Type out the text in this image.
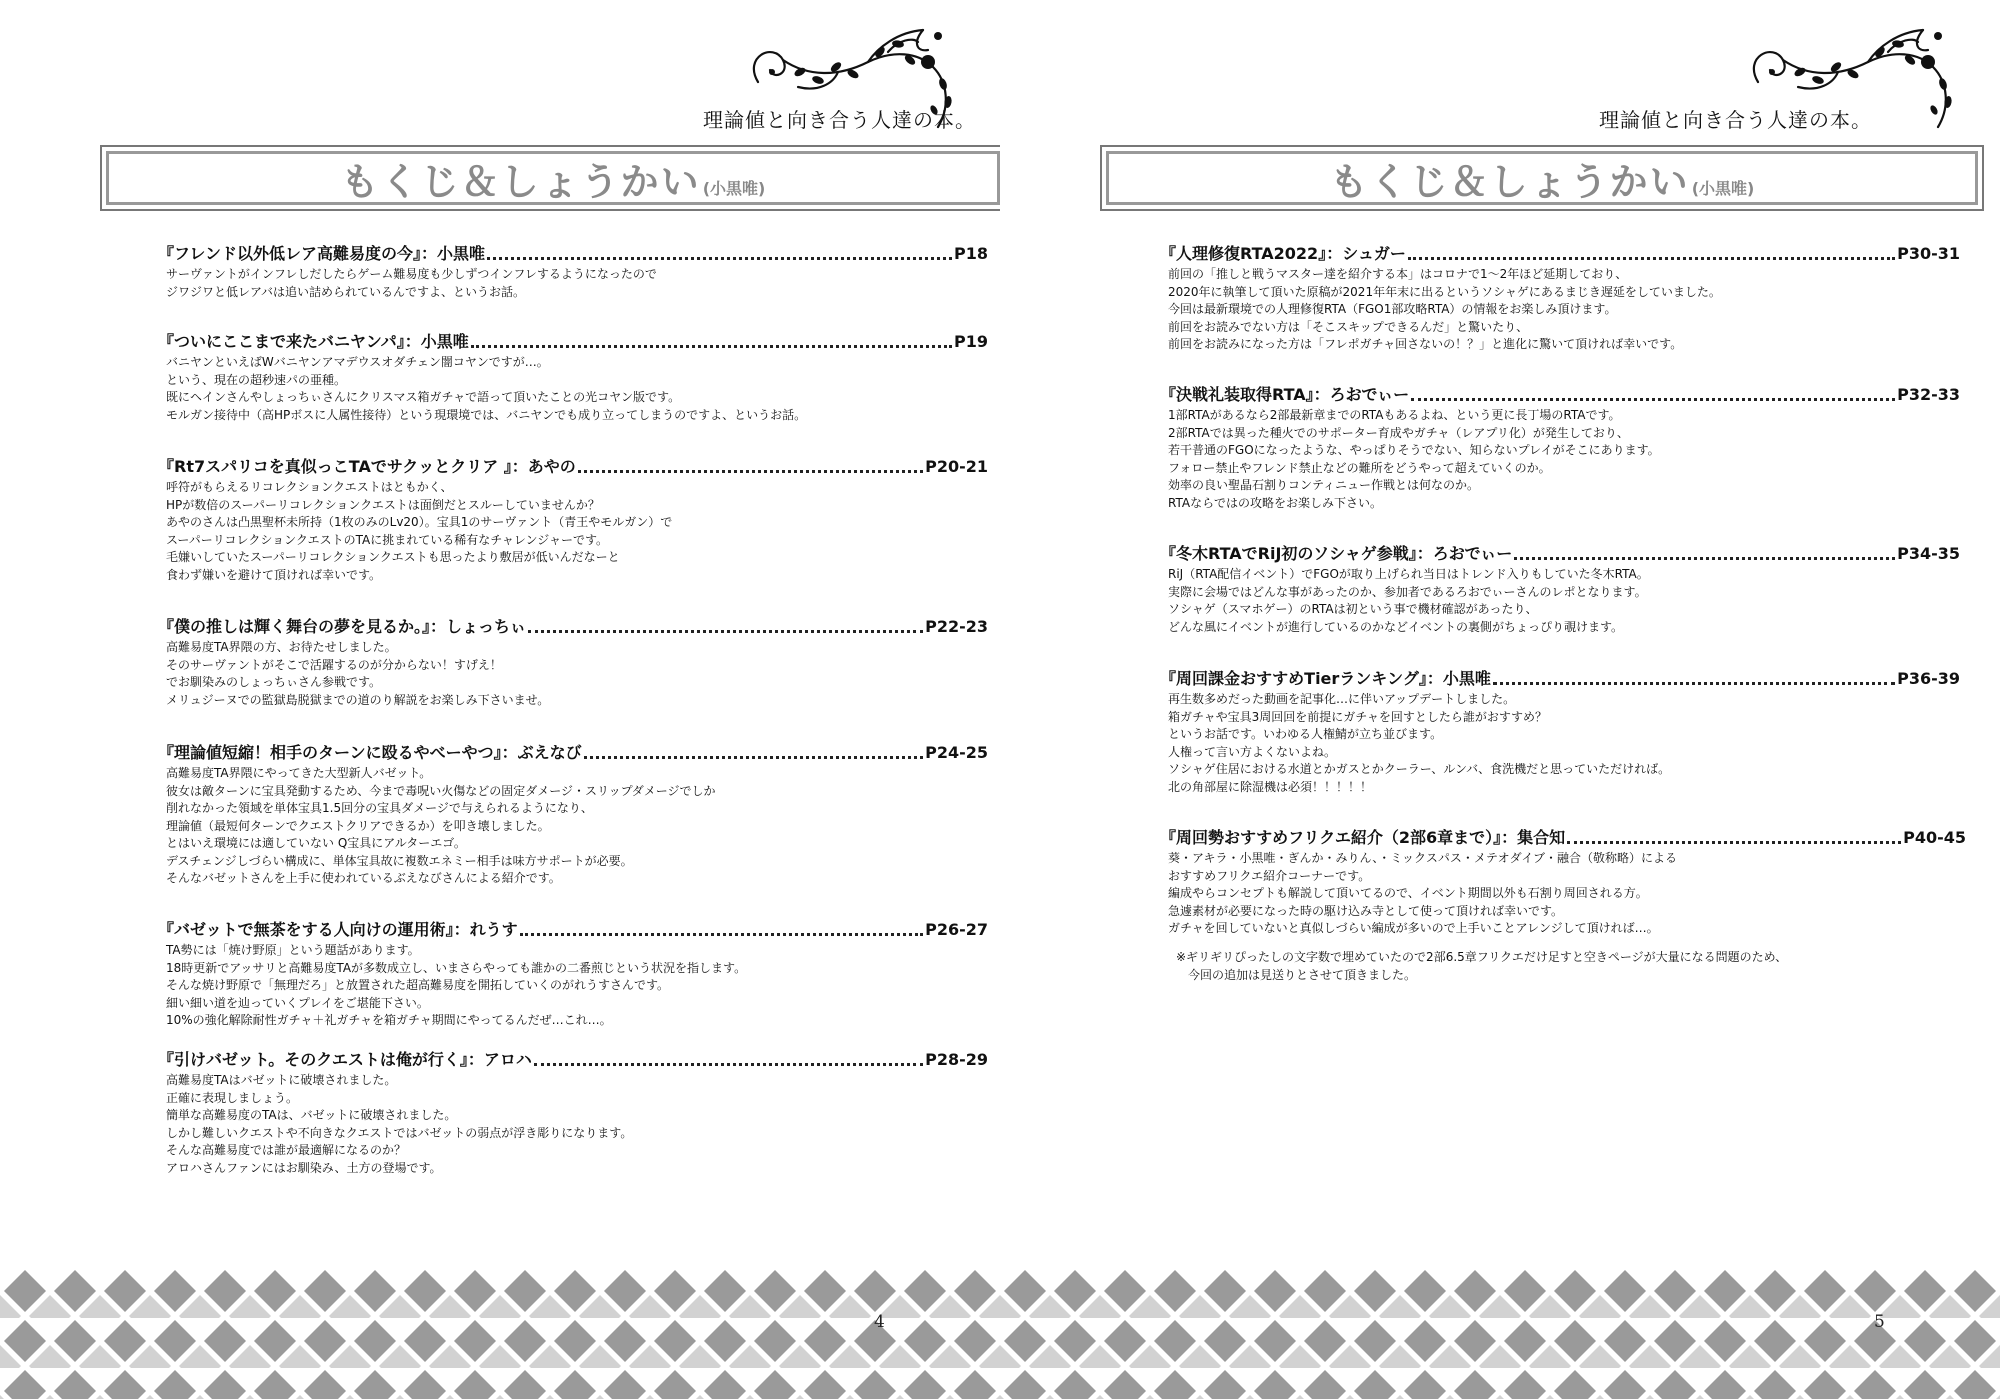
理論値と向き合う人達の本。
もくじ＆しょうかい (小黒唯)
『フレンド以外低レア高難易度の今』：小黒唯	P18
サーヴァントがインフレしだしたらゲーム難易度も少しずつインフレするようになったので
ジワジワと低レアバは追い詰められているんですよ、というお話。
『ついにここまで来たバニヤンパ』：小黒唯	P19
バニヤンといえばWバニヤンアマデウスオダチェン闇コヤンですが…。
という、現在の超秒速パの亜種。
既にヘインさんやしょっちぃさんにクリスマス箱ガチャで語って頂いたことの光コヤン版です。
モルガン接待中（高HPボスに人属性接待）という現環境では、バニヤンでも成り立ってしまうのですよ、というお話。
『Rt7スパリコを真似っこTAでサクッとクリア 』：あやの	P20-21
呼符がもらえるリコレクションクエストはともかく、
HPが数倍のスーパーリコレクションクエストは面倒だとスルーしていませんか？
あやのさんは凸黒聖杯未所持（1枚のみのLv20）。宝具1のサーヴァント（青王やモルガン）で
スーパーリコレクションクエストのTAに挑まれている稀有なチャレンジャーです。
毛嫌いしていたスーパーリコレクションクエストも思ったより敷居が低いんだなーと
食わず嫌いを避けて頂ければ幸いです。
『僕の推しは輝く舞台の夢を見るか。』：しょっちぃ	P22-23
高難易度TA界隈の方、お待たせしました。
そのサーヴァントがそこで活躍するのが分からない！すげえ！
でお馴染みのしょっちぃさん参戦です。
メリュジーヌでの監獄島脱獄までの道のり解説をお楽しみ下さいませ。
『理論値短縮！相手のターンに殴るやべーやつ』：ぶえなび	P24-25
高難易度TA界隈にやってきた大型新人バゼット。
彼女は敵ターンに宝具発動するため、今まで毒呪い火傷などの固定ダメージ・スリップダメージでしか
削れなかった領域を単体宝具1.5回分の宝具ダメージで与えられるようになり、
理論値（最短何ターンでクエストクリアできるか）を叩き壊しました。
とはいえ環境には適していない Q宝具にアルターエゴ。
デスチェンジしづらい構成に、単体宝具故に複数エネミー相手は味方サポートが必要。
そんなバゼットさんを上手に使われているぶえなびさんによる紹介です。
『バゼットで無茶をする人向けの運用術』：れうす	P26-27
TA勢には「焼け野原」という題話があります。
18時更新でアッサリと高難易度TAが多数成立し、いまさらやっても誰かの二番煎じという状況を指します。
そんな焼け野原で「無理だろ」と放置された超高難易度を開拓していくのがれうすさんです。
細い細い道を辿っていくプレイをご堪能下さい。
10%の強化解除耐性ガチャ＋礼ガチャを箱ガチャ期間にやってるんだぜ…これ…。
『引けバゼット。そのクエストは俺が行く』：アロハ	P28-29
高難易度TAはバゼットに破壊されました。
正確に表現しましょう。
簡単な高難易度のTAは、バゼットに破壊されました。
しかし難しいクエストや不向きなクエストではバゼットの弱点が浮き彫りになります。
そんな高難易度では誰が最適解になるのか？
アロハさんファンにはお馴染み、土方の登場です。
4
理論値と向き合う人達の本。
もくじ＆しょうかい (小黒唯)
『人理修復RTA2022』：シュガー	P30-31
前回の「推しと戦うマスター達を紹介する本」はコロナで1～2年ほど延期しており、
2020年に執筆して頂いた原稿が2021年年末に出るというソシャゲにあるまじき遅延をしていました。
今回は最新環境での人理修復RTA（FGO1部攻略RTA）の情報をお楽しみ頂けます。
前回をお読みでない方は「そこスキップできるんだ」と驚いたり、
前回をお読みになった方は「フレポガチャ回さないの！？」と進化に驚いて頂ければ幸いです。
『決戦礼装取得RTA』：ろおでぃー	P32-33
1部RTAがあるなら2部最新章までのRTAもあるよね、という更に長丁場のRTAです。
2部RTAでは異った種火でのサポーター育成やガチャ（レアプリ化）が発生しており、
若干普通のFGOになったような、やっぱりそうでない、知らないプレイがそこにあります。
フォロー禁止やフレンド禁止などの難所をどうやって超えていくのか。
効率の良い聖晶石割りコンティニュー作戦とは何なのか。
RTAならではの攻略をお楽しみ下さい。
『冬木RTAでRiJ初のソシャゲ参戦』：ろおでぃー	P34-35
RiJ（RTA配信イベント）でFGOが取り上げられ当日はトレンド入りもしていた冬木RTA。
実際に会場ではどんな事があったのか、参加者であるろおでぃーさんのレポとなります。
ソシャゲ（スマホゲー）のRTAは初という事で機材確認があったり、
どんな風にイベントが進行しているのかなどイベントの裏側がちょっぴり覗けます。
『周回課金おすすめTierランキング』：小黒唯	P36-39
再生数多めだった動画を記事化…に伴いアップデートしました。
箱ガチャや宝具3周回回を前提にガチャを回すとしたら誰がおすすめ？
というお話です。いわゆる人権鯖が立ち並びます。
人権って言い方よくないよね。
ソシャゲ住居における水道とかガスとかクーラー、ルンバ、食洗機だと思っていただければ。
北の角部屋に除湿機は必須！！！！！
『周回勢おすすめフリクエ紹介（2部6章まで）』：集合知	P40-45
葵・アキラ・小黒唯・ぎんか・みりん、・ミックスパス・メテオダイブ・融合（敬称略）による
おすすめフリクエ紹介コーナーです。
編成やらコンセプトも解説して頂いてるので、イベント期間以外も石割り周回される方。
急遽素材が必要になった時の駆け込み寺として使って頂ければ幸いです。
ガチャを回していないと真似しづらい編成が多いので上手いことアレンジして頂ければ…。
※ギリギリぴったしの文字数で埋めていたので2部6.5章フリクエだけ足すと空きページが大量になる問題のため、
　今回の追加は見送りとさせて頂きました。
5
